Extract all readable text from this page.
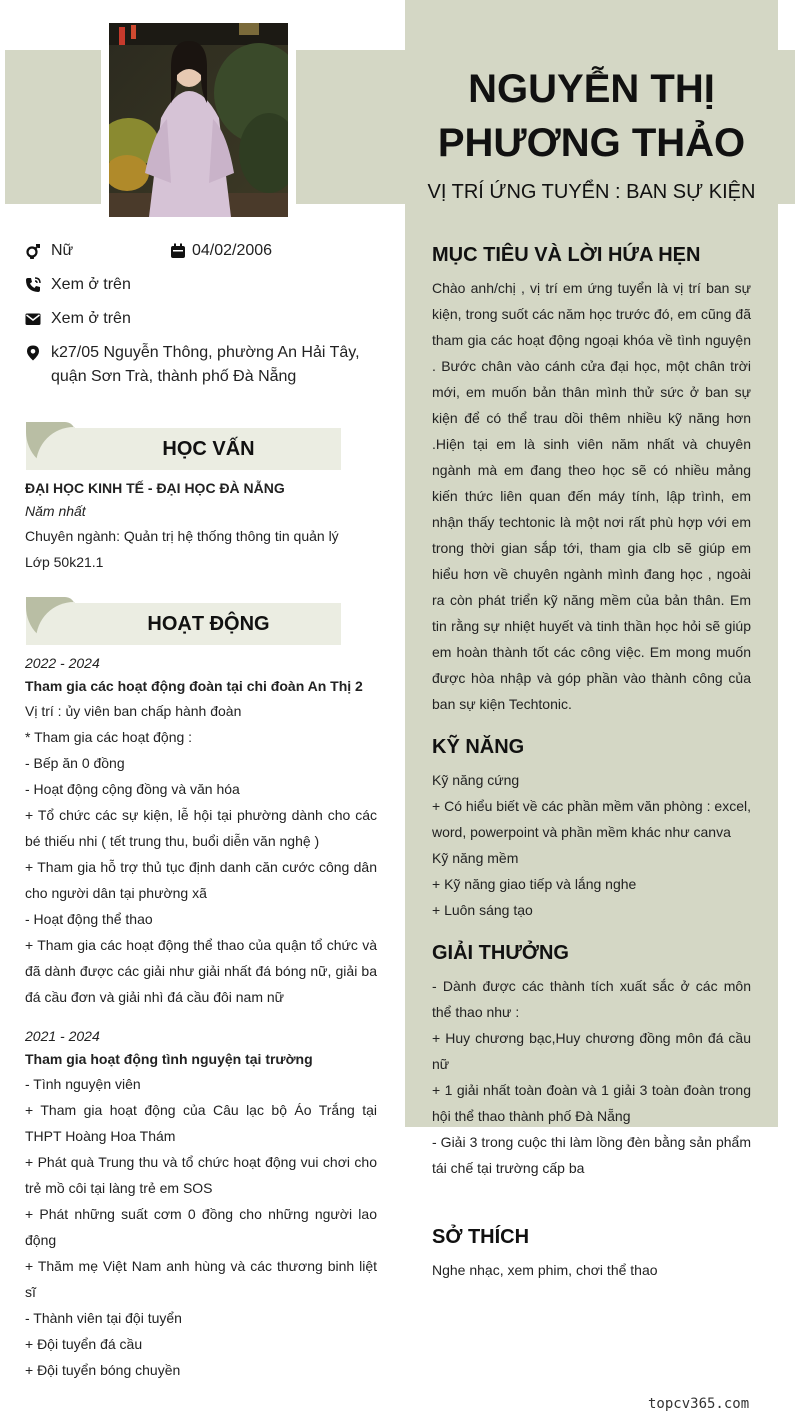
NGUYỄN THỊ PHƯƠNG THẢO
VỊ TRÍ ỨNG TUYỂN : BAN SỰ KIỆN
Nữ	04/02/2006
Xem ở trên
Xem ở trên
k27/05 Nguyễn Thông, phường An Hải Tây,
quận Sơn Trà, thành phố Đà Nẵng
HỌC VẤN
ĐẠI HỌC KINH TẾ - ĐẠI HỌC ĐÀ NẴNG
Năm nhất
Chuyên ngành: Quản trị hệ thống thông tin quản lý
Lớp 50k21.1
HOẠT ĐỘNG
2022 - 2024
Tham gia các hoạt động đoàn tại chi đoàn An Thị 2
Vị trí : ủy viên ban chấp hành đoàn
* Tham gia các hoạt động :
- Bếp ăn 0 đồng
- Hoạt động cộng đồng và văn hóa
+ Tổ chức các sự kiện, lễ hội tại phường dành cho các bé thiếu nhi ( tết trung thu, buổi diễn văn nghệ )
+ Tham gia hỗ trợ thủ tục định danh căn cước công dân cho người dân tại phường xã
- Hoạt động thể thao
+ Tham gia các hoạt động thể thao của quận tổ chức và đã dành được các giải như giải nhất đá bóng nữ, giải ba đá cầu đơn và giải nhì đá cầu đôi nam nữ
2021 - 2024
Tham gia hoạt động tình nguyện tại trường
- Tình nguyện viên
+ Tham gia hoạt động của Câu lạc bộ Áo Trắng tại THPT Hoàng Hoa Thám
+ Phát quà Trung thu và tổ chức hoạt động vui chơi cho trẻ mồ côi tại làng trẻ em SOS
+ Phát những suất cơm 0 đồng cho những người lao động
+ Thăm mẹ Việt Nam anh hùng và các thương binh liệt sĩ
- Thành viên tại đội tuyển
+ Đội tuyển đá cầu
+ Đội tuyển bóng chuyền
MỤC TIÊU VÀ LỜI HỨA HẸN
Chào anh/chị , vị trí em ứng tuyển là vị trí ban sự kiện, trong suốt các năm học trước đó, em cũng đã tham gia các hoạt động ngoại khóa về tình nguyện . Bước chân vào cánh cửa đại học, một chân trời mới, em muốn bản thân mình thử sức ở ban sự kiện để có thể trau dồi thêm nhiều kỹ năng hơn .Hiện tại em là sinh viên năm nhất và chuyên ngành mà em đang theo học sẽ có nhiều mảng kiến thức liên quan đến máy tính, lập trình, em nhận thấy techtonic là một nơi rất phù hợp với em trong thời gian sắp tới, tham gia clb sẽ giúp em hiểu hơn về chuyên ngành mình đang học , ngoài ra còn phát triển kỹ năng mềm của bản thân. Em tin rằng sự nhiệt huyết và tinh thần học hỏi sẽ giúp em hoàn thành tốt các công việc. Em mong muốn được hòa nhập và góp phần vào thành công của ban sự kiện Techtonic.
KỸ NĂNG
Kỹ năng cứng
+ Có hiểu biết về các phần mềm văn phòng : excel, word, powerpoint và phần mềm khác như canva
Kỹ năng mềm
+ Kỹ năng giao tiếp và lắng nghe
+ Luôn sáng tạo
GIẢI THƯỞNG
- Dành được các thành tích xuất sắc ở các môn thể thao như :
+ Huy chương bạc,Huy chương đồng môn đá cầu nữ
+ 1 giải nhất toàn đoàn và 1 giải 3 toàn đoàn trong hội thể thao thành phố Đà Nẵng
- Giải 3 trong cuộc thi làm lồng đèn bằng sản phẩm tái chế tại trường cấp ba
SỞ THÍCH
Nghe nhạc, xem phim, chơi thể thao
topcv365.com
